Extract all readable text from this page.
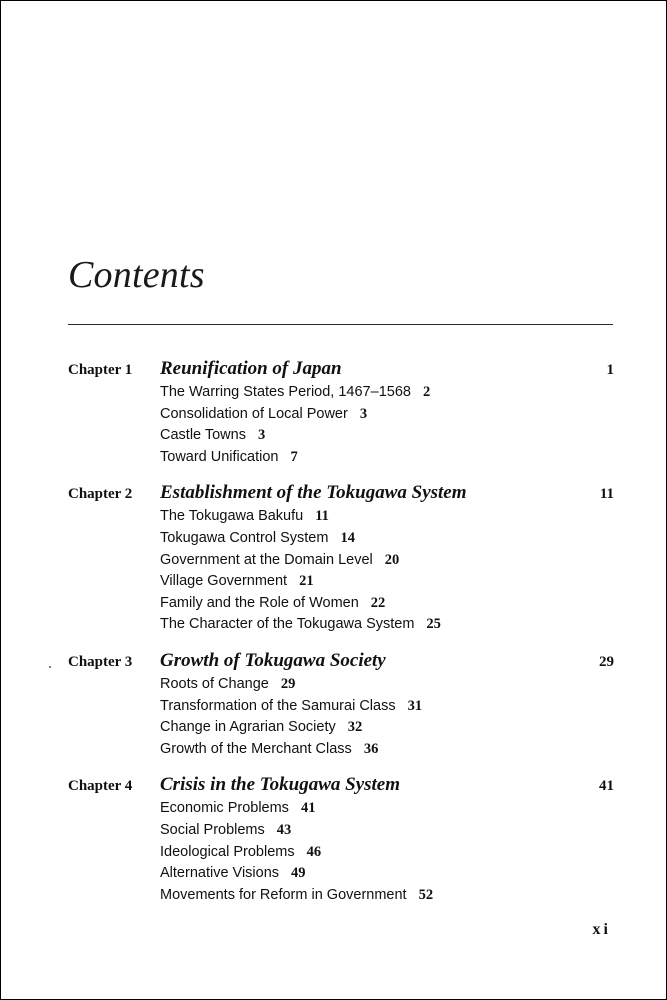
Contents
Chapter 1	Reunification of Japan	1
The Warring States Period, 1467–1568 2
Consolidation of Local Power 3
Castle Towns 3
Toward Unification 7
Chapter 2	Establishment of the Tokugawa System	11
The Tokugawa Bakufu 11
Tokugawa Control System 14
Government at the Domain Level 20
Village Government 21
Family and the Role of Women 22
The Character of the Tokugawa System 25
Chapter 3	Growth of Tokugawa Society	29
Roots of Change 29
Transformation of the Samurai Class 31
Change in Agrarian Society 32
Growth of the Merchant Class 36
Chapter 4	Crisis in the Tokugawa System	41
Economic Problems 41
Social Problems 43
Ideological Problems 46
Alternative Visions 49
Movements for Reform in Government 52
xi
